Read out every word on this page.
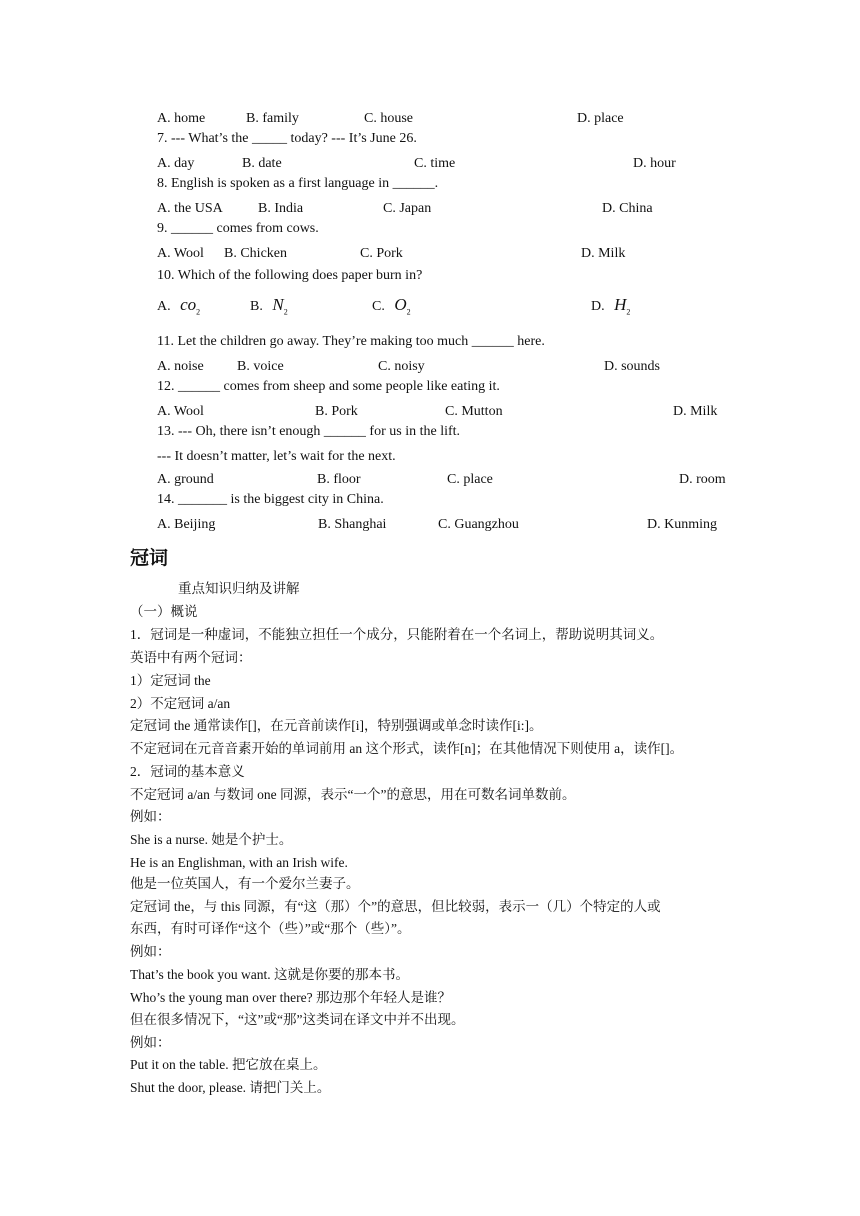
A. home	B. family	C. house	D. place
7. --- What’s the _____ today? --- It’s June 26.
A. day	B. date	C. time	D. hour
8. English is spoken as a first language in ______.
A. the USA	B. India	C. Japan	D. China
9. ______ comes from cows.
A. Wool B. Chicken	C. Pork	D. Milk
10. Which of the following does paper burn in?
A. $co_2$	B. $N_2$	C. $O_2$	D. $H_2$
11. Let the children go away. They’re making too much ______ here.
A. noise B. voice	C. noisy	D. sounds
12. ______ comes from sheep and some people like eating it.
A. Wool	B. Pork	C. Mutton	D. Milk
13. --- Oh, there isn’t enough ______ for us in the lift.
--- It doesn’t matter, let’s wait for the next.
A. ground	B. floor	C. place	D. room
14. _______ is the biggest city in China.
A. Beijing	B. Shanghai	C. Guangzhou	D. Kunming
冠词
重点知识归纳及讲解
（一）概说
1．冠词是一种虚词，不能独立担任一个成分，只能附着在一个名词上，帮助说明其词义。
英语中有两个冠词：
1）定冠词 the
2）不定冠词 a/an
定冠词 the 通常读作[]，在元音前读作[i]，特别强调或单念时读作[i:]。
不定冠词在元音音素开始的单词前用 an 这个形式，读作[n]；在其他情况下则使用 a，读作[]。
2．冠词的基本意义
不定冠词 a/an 与数词 one 同源，表示“一个”的意思，用在可数名词单数前。
例如：
She is a nurse. 她是个护士。
He is an Englishman, with an Irish wife.
他是一位英国人，有一个爱尔兰妻子。
定冠词 the，与 this 同源，有“这（那）个”的意思，但比较弱，表示一（几）个特定的人或
东西，有时可译作“这个（些）”或“那个（些）”。
例如：
That’s the book you want. 这就是你要的那本书。
Who’s the young man over there? 那边那个年轻人是谁？
但在很多情况下，“这”或“那”这类词在译文中并不出现。
例如：
Put it on the table. 把它放在桌上。
Shut the door, please. 请把门关上。
